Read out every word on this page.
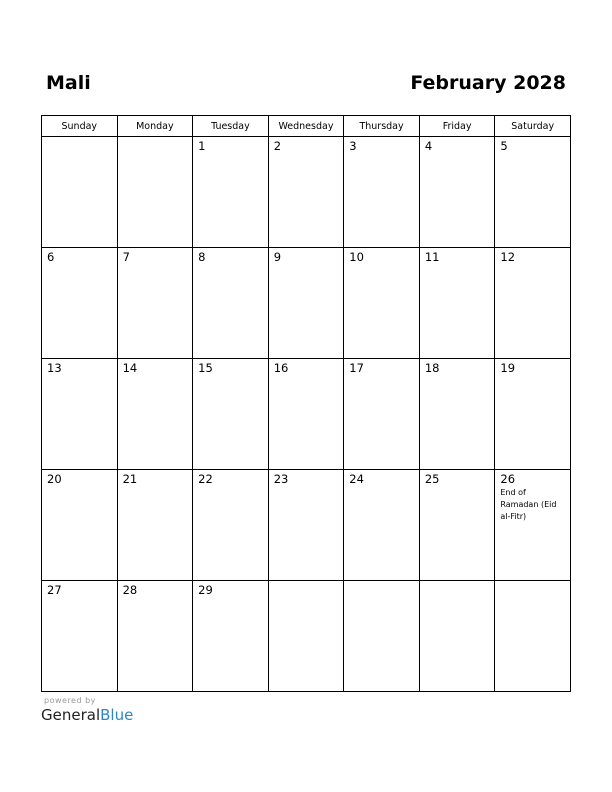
Mali	February 2028
Sunday	Monday	Tuesday	Wednesday	Thursday	Friday	Saturday

		1	2	3	4	5

6	7	8	9	10	11	12

13	14	15	16	17	18	19

20	21	22	23	24	25	26
End of Ramadan (Eid al-Fitr)

27	28	29				

powered by
GeneralBlue
